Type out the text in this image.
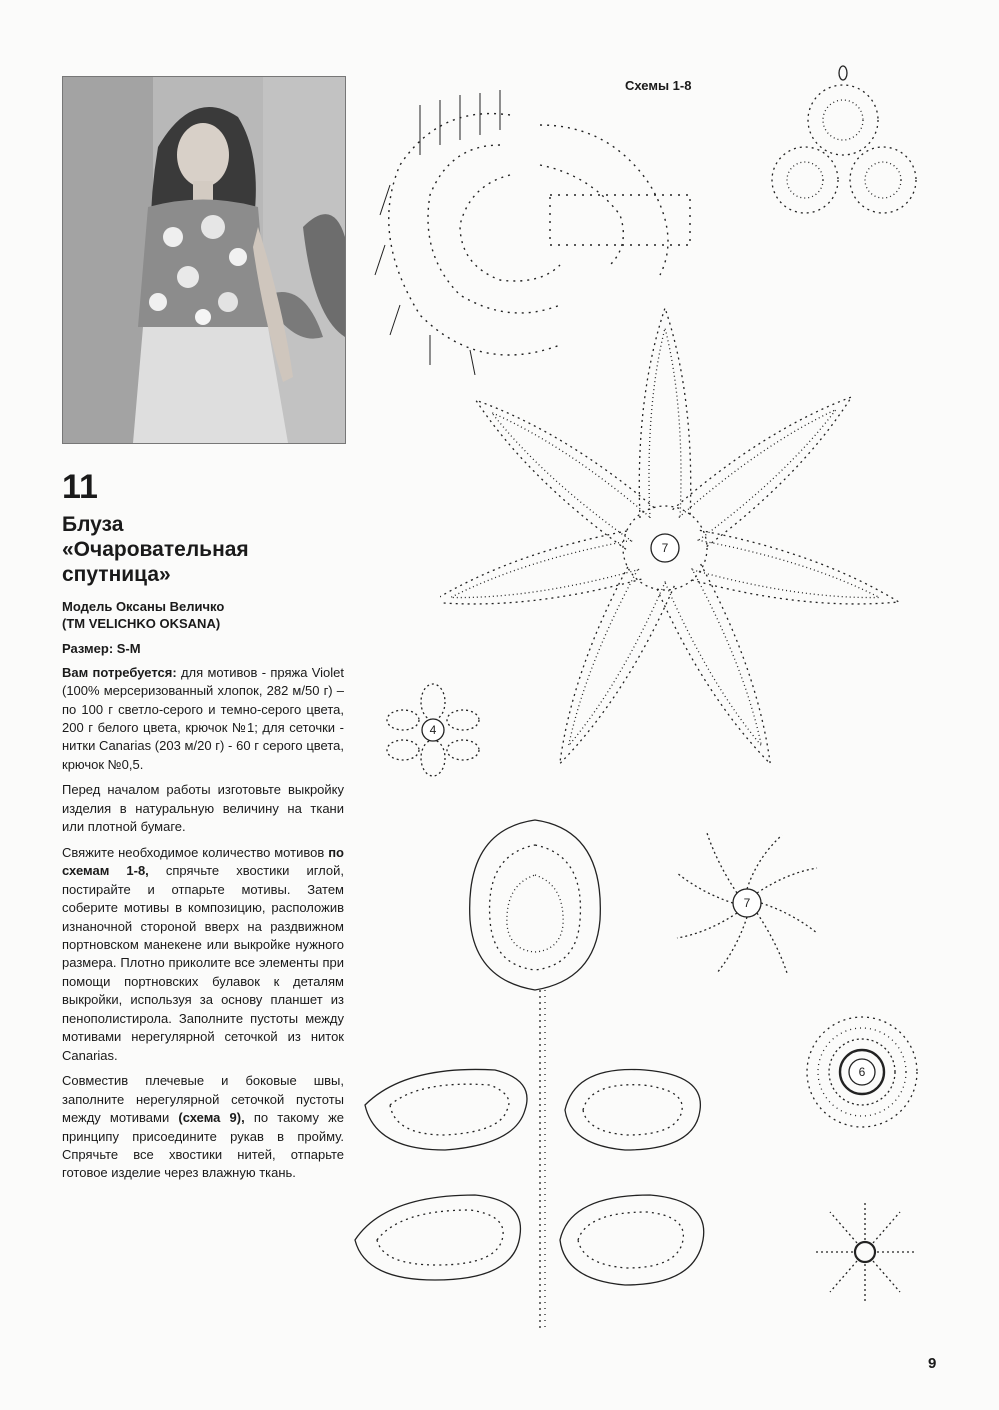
11
Блуза
«Очаровательная спутница»
Модель Оксаны Величко
(TM VELICHKO OKSANA)
Размер: S-M

Вам потребуется: для мотивов - пряжа Violet (100% мерсеризованный хлопок, 282 м/50 г) – по 100 г светло-серого и темно-серого цвета, 200 г белого цвета, крючок №1; для сеточки - нитки Canarias (203 м/20 г) - 60 г серого цвета, крючок №0,5.

Перед началом работы изготовьте выкройку изделия в натуральную величину на ткани или плотной бумаге.

Свяжите необходимое количество мотивов по схемам 1-8, спрячьте хвостики иглой, постирайте и отпарьте мотивы. Затем соберите мотивы в композицию, расположив изнаночной стороной вверх на раздвижном портновском манекене или выкройке нужного размера. Плотно приколите все элементы при помощи портновских булавок к деталям выкройки, используя за основу планшет из пенополистирола. Заполните пустоты между мотивами нерегулярной сеточкой из ниток Canarias.

Совместив плечевые и боковые швы, заполните нерегулярной сеточкой пустоты между мотивами (схема 9), по такому же принципу присоедините рукав в пройму. Спрячьте все хвостики нитей, отпарьте готовое изделие через влажную ткань.

Схемы 1-8
7
4
7
6
9
